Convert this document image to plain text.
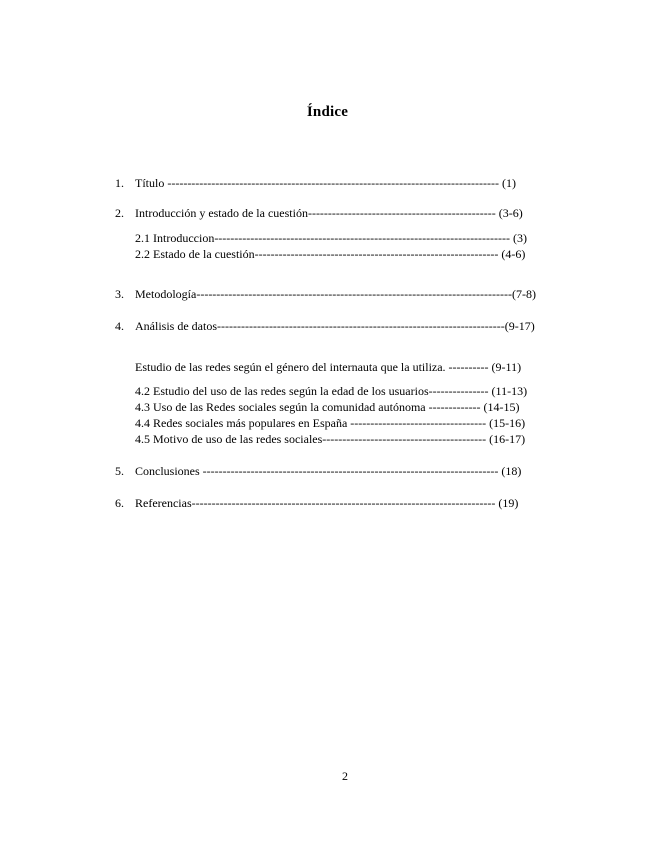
Índice
1. Título ----------------------------------------------------------------------------------- (1)
2. Introducción y estado de la cuestión----------------------------------------------- (3-6)
2.1 Introduccion-------------------------------------------------------------------------- (3)
2.2 Estado de la cuestión------------------------------------------------------------- (4-6)
3. Metodología-------------------------------------------------------------------------------(7-8)
4. Análisis de datos------------------------------------------------------------------------(9-17)
Estudio de las redes según el género del internauta que la utiliza. ---------- (9-11)
4.2 Estudio del uso de las redes según la edad de los usuarios--------------- (11-13)
4.3 Uso de las Redes sociales según la comunidad autónoma ------------- (14-15)
4.4 Redes sociales más populares en España ---------------------------------- (15-16)
4.5 Motivo de uso de las redes sociales----------------------------------------- (16-17)
5. Conclusiones -------------------------------------------------------------------------- (18)
6. Referencias---------------------------------------------------------------------------- (19)
2
